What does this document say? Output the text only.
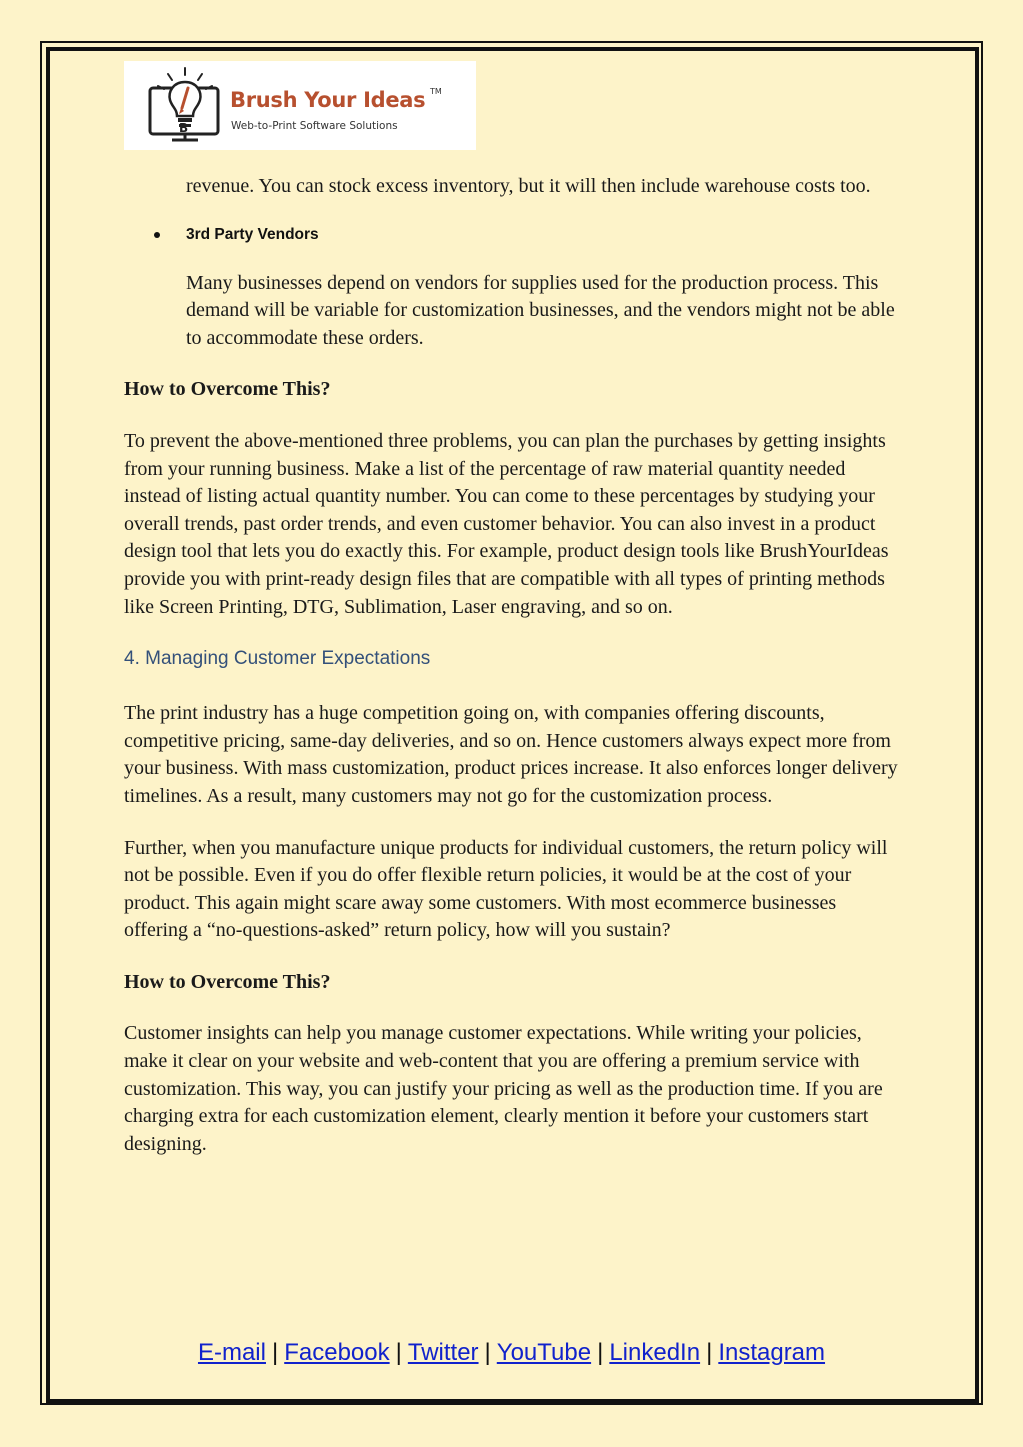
B
Brush Your Ideas TM
Web-to-Print Software Solutions

revenue. You can stock excess inventory, but it will then include warehouse costs too.

3rd Party Vendors

Many businesses depend on vendors for supplies used for the production process. This demand will be variable for customization businesses, and the vendors might not be able to accommodate these orders.

How to Overcome This?

To prevent the above-mentioned three problems, you can plan the purchases by getting insights from your running business. Make a list of the percentage of raw material quantity needed instead of listing actual quantity number. You can come to these percentages by studying your overall trends, past order trends, and even customer behavior. You can also invest in a product design tool that lets you do exactly this. For example, product design tools like BrushYourIdeas provide you with print-ready design files that are compatible with all types of printing methods like Screen Printing, DTG, Sublimation, Laser engraving, and so on.

4. Managing Customer Expectations

The print industry has a huge competition going on, with companies offering discounts, competitive pricing, same-day deliveries, and so on. Hence customers always expect more from your business. With mass customization, product prices increase. It also enforces longer delivery timelines. As a result, many customers may not go for the customization process.

Further, when you manufacture unique products for individual customers, the return policy will not be possible. Even if you do offer flexible return policies, it would be at the cost of your product. This again might scare away some customers. With most ecommerce businesses offering a “no-questions-asked” return policy, how will you sustain?

How to Overcome This?

Customer insights can help you manage customer expectations. While writing your policies, make it clear on your website and web-content that you are offering a premium service with customization. This way, you can justify your pricing as well as the production time. If you are charging extra for each customization element, clearly mention it before your customers start designing.

E-mail | Facebook | Twitter | YouTube | LinkedIn | Instagram
